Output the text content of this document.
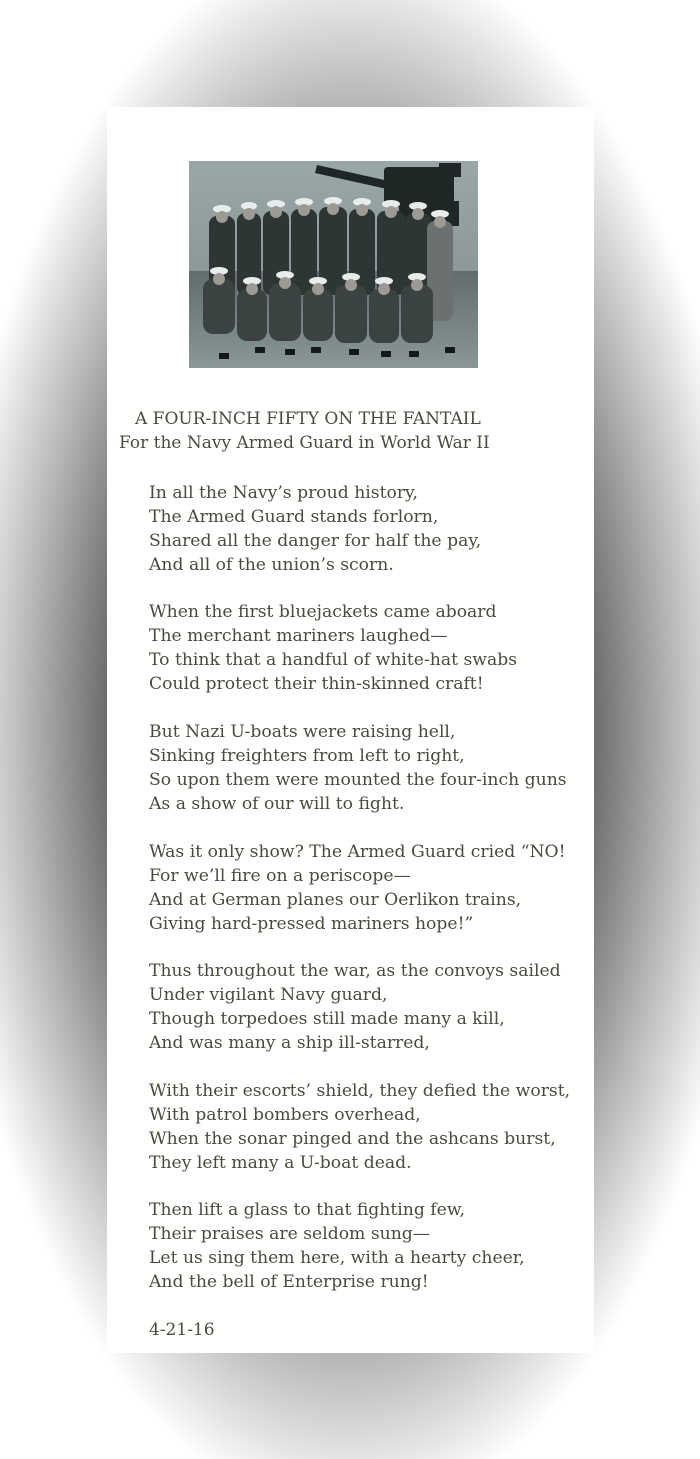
A FOUR-INCH FIFTY ON THE FANTAIL
For the Navy Armed Guard in World War II
In all the Navy’s proud history,
The Armed Guard stands forlorn,
Shared all the danger for half the pay,
And all of the union’s scorn.
When the first bluejackets came aboard
The merchant mariners laughed—
To think that a handful of white-hat swabs
Could protect their thin-skinned craft!
But Nazi U-boats were raising hell,
Sinking freighters from left to right,
So upon them were mounted the four-inch guns
As a show of our will to fight.
Was it only show? The Armed Guard cried “NO!
For we’ll fire on a periscope—
And at German planes our Oerlikon trains,
Giving hard-pressed mariners hope!”
Thus throughout the war, as the convoys sailed
Under vigilant Navy guard,
Though torpedoes still made many a kill,
And was many a ship ill-starred,
With their escorts’ shield, they defied the worst,
With patrol bombers overhead,
When the sonar pinged and the ashcans burst,
They left many a U-boat dead.
Then lift a glass to that fighting few,
Their praises are seldom sung—
Let us sing them here, with a hearty cheer,
And the bell of Enterprise rung!
4-21-16
